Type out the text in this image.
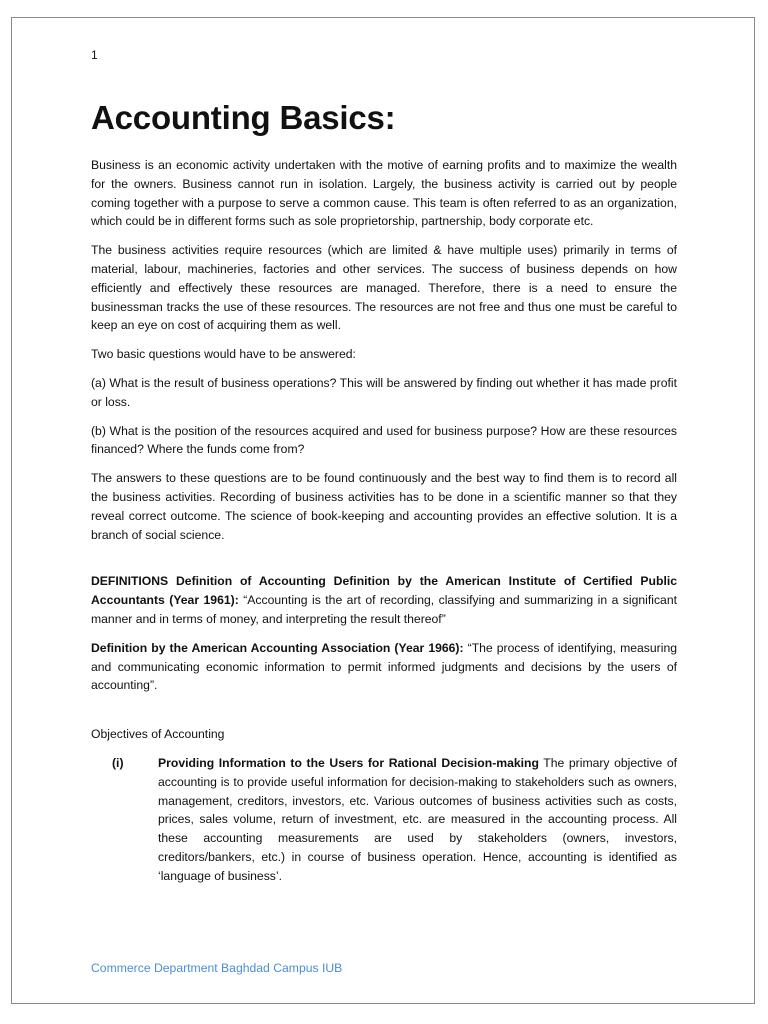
1
Accounting Basics:

Business is an economic activity undertaken with the motive of earning profits and to maximize the wealth for the owners. Business cannot run in isolation. Largely, the business activity is carried out by people coming together with a purpose to serve a common cause. This team is often referred to as an organization, which could be in different forms such as sole proprietorship, partnership, body corporate etc.

The business activities require resources (which are limited & have multiple uses) primarily in terms of material, labour, machineries, factories and other services. The success of business depends on how efficiently and effectively these resources are managed. Therefore, there is a need to ensure the businessman tracks the use of these resources. The resources are not free and thus one must be careful to keep an eye on cost of acquiring them as well.

Two basic questions would have to be answered:

(a) What is the result of business operations? This will be answered by finding out whether it has made profit or loss.

(b) What is the position of the resources acquired and used for business purpose? How are these resources financed? Where the funds come from?

The answers to these questions are to be found continuously and the best way to find them is to record all the business activities. Recording of business activities has to be done in a scientific manner so that they reveal correct outcome. The science of book-keeping and accounting provides an effective solution. It is a branch of social science.

DEFINITIONS Definition of Accounting Definition by the American Institute of Certified Public Accountants (Year 1961): “Accounting is the art of recording, classifying and summarizing in a significant manner and in terms of money, and interpreting the result thereof”

Definition by the American Accounting Association (Year 1966): “The process of identifying, measuring and communicating economic information to permit informed judgments and decisions by the users of accounting”.

Objectives of Accounting

(i)	Providing Information to the Users for Rational Decision-making The primary objective of accounting is to provide useful information for decision-making to stakeholders such as owners, management, creditors, investors, etc. Various outcomes of business activities such as costs, prices, sales volume, return of investment, etc. are measured in the accounting process. All these accounting measurements are used by stakeholders (owners, investors, creditors/bankers, etc.) in course of business operation. Hence, accounting is identified as ‘language of business’.
Commerce Department Baghdad Campus IUB
